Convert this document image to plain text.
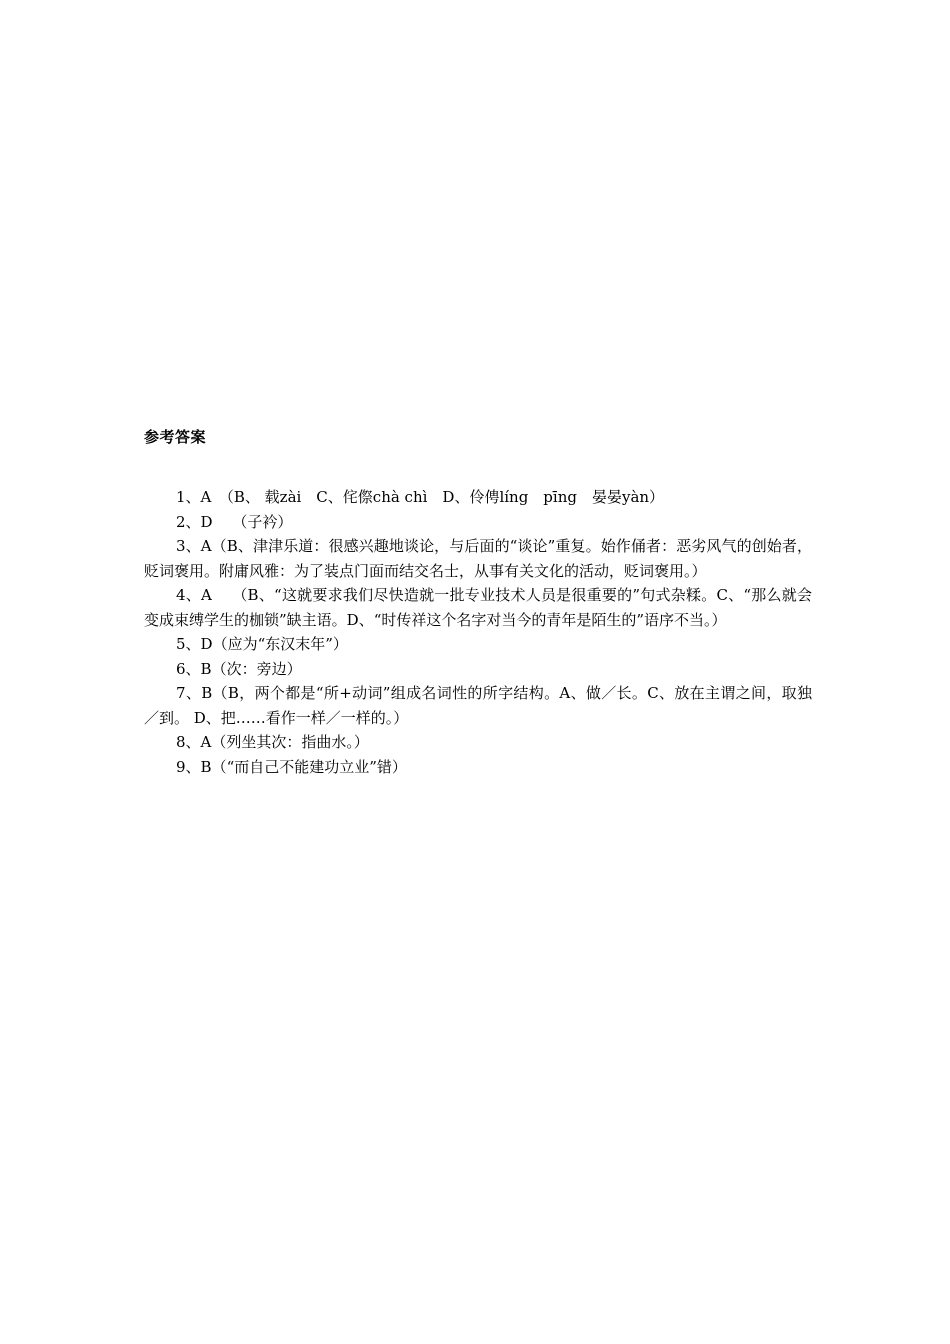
参考答案

1、A　（B、 载zài　C、侘傺chà chì　D、伶俜líng　pīng　晏晏yàn）

2、D　 （子衿）

3、A（B、津津乐道：很感兴趣地谈论，与后面的“谈论”重复。始作俑者：恶劣风气的创始者，贬词褒用。附庸风雅：为了装点门面而结交名士，从事有关文化的活动，贬词褒用。）

4、A　 （B、“这就要求我们尽快造就一批专业技术人员是很重要的”句式杂糅。C、“那么就会变成束缚学生的枷锁”缺主语。D、“时传祥这个名字对当今的青年是陌生的”语序不当。）

5、D（应为“东汉末年”）

6、B（次：旁边）

7、B（B，两个都是“所+动词”组成名词性的所字结构。A、做／长。C、放在主谓之间，取独／到。 D、把……看作一样／一样的。）

8、A（列坐其次：指曲水。）

9、B（“而自己不能建功立业”错）
